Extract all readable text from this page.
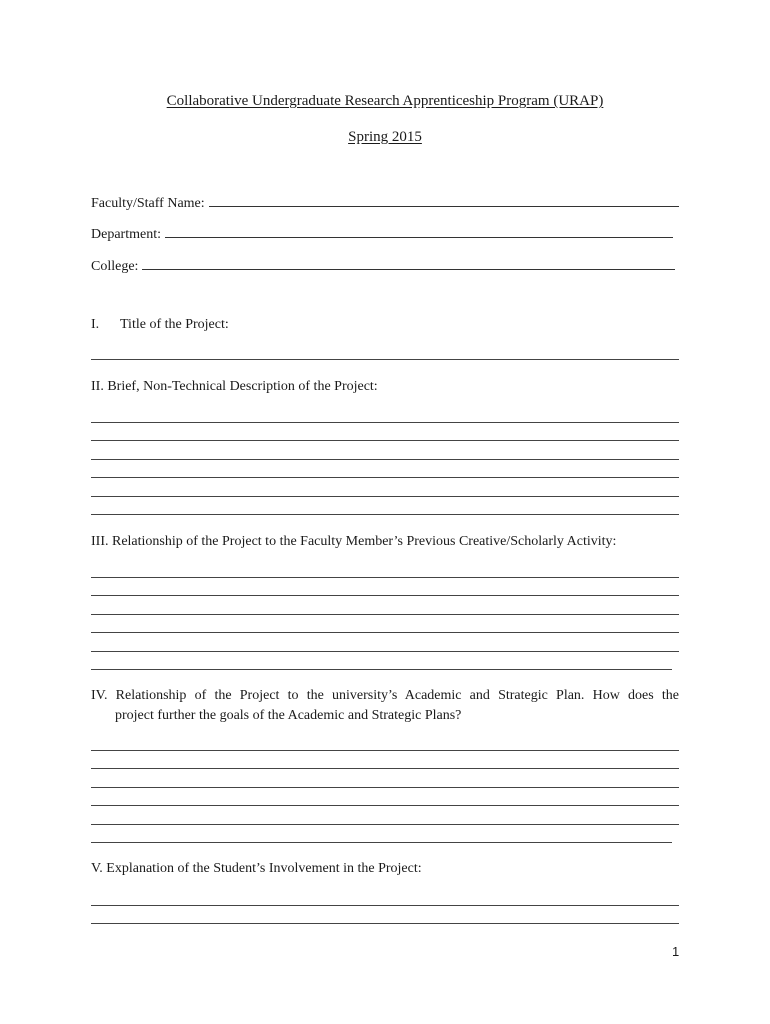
Collaborative Undergraduate Research Apprenticeship Program (URAP)
Spring 2015
Faculty/Staff Name:
Department:
College:
I. Title of the Project:
II. Brief, Non-Technical Description of the Project:
III. Relationship of the Project to the Faculty Member’s Previous Creative/Scholarly Activity:
IV. Relationship of the Project to the university’s Academic and Strategic Plan. How does the
project further the goals of the Academic and Strategic Plans?
V. Explanation of the Student’s Involvement in the Project:
1
